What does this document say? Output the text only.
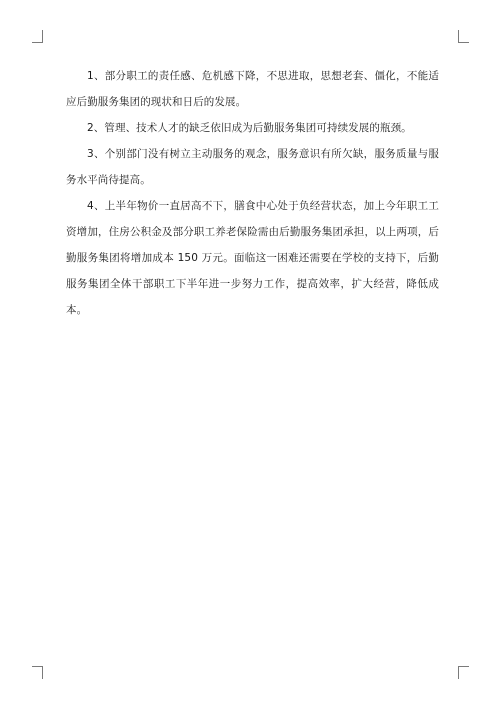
1、部分职工的责任感、危机感下降，不思进取，思想老套、僵化，不能适应后勤服务集团的现状和日后的发展。

2、管理、技术人才的缺乏依旧成为后勤服务集团可持续发展的瓶颈。

3、个别部门没有树立主动服务的观念，服务意识有所欠缺，服务质量与服务水平尚待提高。

4、上半年物价一直居高不下，膳食中心处于负经营状态，加上今年职工工资增加，住房公积金及部分职工养老保险需由后勤服务集团承担，以上两项，后勤服务集团将增加成本 150 万元。面临这一困难还需要在学校的支持下，后勤服务集团全体干部职工下半年进一步努力工作，提高效率，扩大经营，降低成本。
